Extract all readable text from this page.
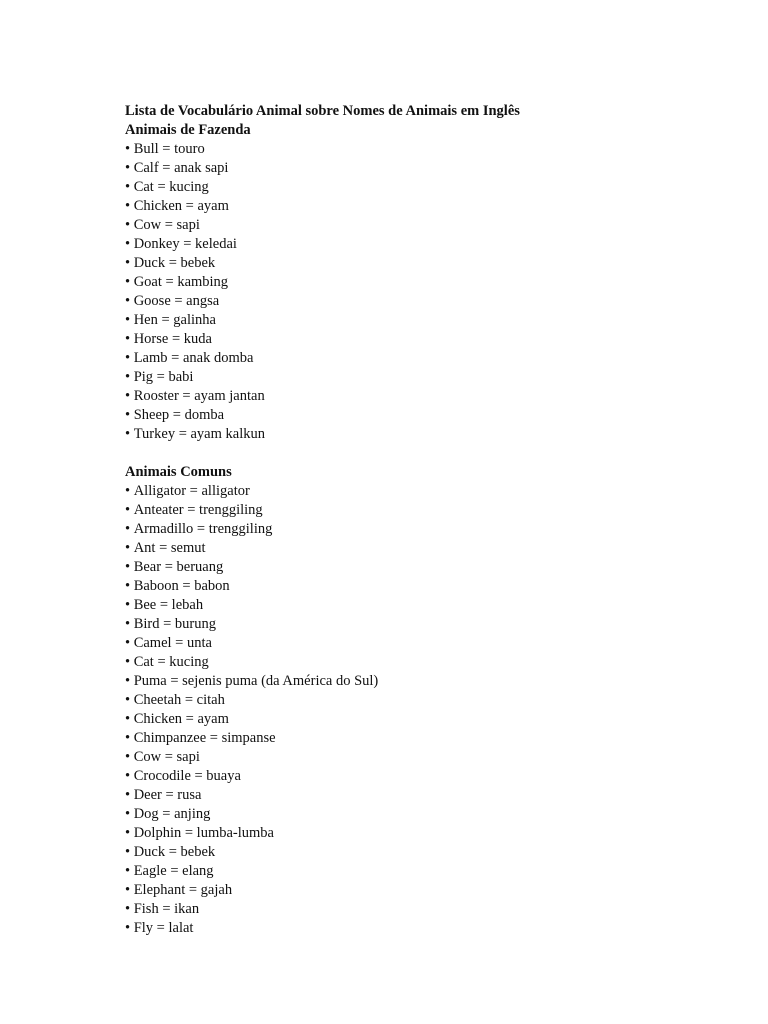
Lista de Vocabulário Animal sobre Nomes de Animais em Inglês
Animais de Fazenda
• Bull = touro
• Calf = anak sapi
• Cat = kucing
• Chicken = ayam
• Cow = sapi
• Donkey = keledai
• Duck = bebek
• Goat = kambing
• Goose = angsa
• Hen = galinha
• Horse = kuda
• Lamb = anak domba
• Pig = babi
• Rooster = ayam jantan
• Sheep = domba
• Turkey = ayam kalkun
Animais Comuns
• Alligator = alligator
• Anteater = trenggiling
• Armadillo = trenggiling
• Ant = semut
• Bear = beruang
• Baboon = babon
• Bee = lebah
• Bird = burung
• Camel = unta
• Cat = kucing
• Puma = sejenis puma (da América do Sul)
• Cheetah = citah
• Chicken = ayam
• Chimpanzee = simpanse
• Cow = sapi
• Crocodile = buaya
• Deer = rusa
• Dog = anjing
• Dolphin = lumba-lumba
• Duck = bebek
• Eagle = elang
• Elephant = gajah
• Fish = ikan
• Fly = lalat
